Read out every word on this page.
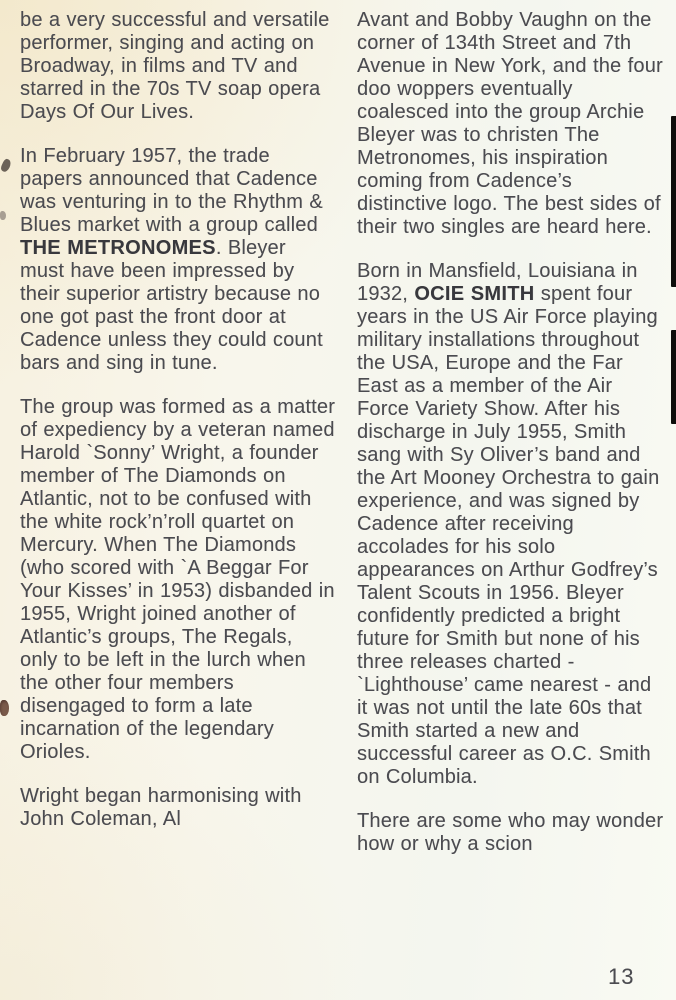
be a very successful and versatile performer, singing and acting on Broadway, in films and TV and starred in the 70s TV soap opera Days Of Our Lives.

In February 1957, the trade papers announced that Cadence was venturing in to the Rhythm & Blues market with a group called THE METRONOMES. Bleyer must have been impressed by their superior artistry because no one got past the front door at Cadence unless they could count bars and sing in tune.

The group was formed as a matter of expediency by a veteran named Harold `Sonny’ Wright, a founder member of The Diamonds on Atlantic, not to be confused with the white rock’n’roll quartet on Mercury. When The Diamonds (who scored with `A Beggar For Your Kisses’ in 1953) disbanded in 1955, Wright joined another of Atlantic’s groups, The Regals, only to be left in the lurch when the other four members disengaged to form a late incarnation of the legendary Orioles.

Wright began harmonising with John Coleman, Al

Avant and Bobby Vaughn on the corner of 134th Street and 7th Avenue in New York, and the four doo woppers eventually coalesced into the group Archie Bleyer was to christen The Metronomes, his inspiration coming from Cadence’s distinctive logo. The best sides of their two singles are heard here.

Born in Mansfield, Louisiana in 1932, OCIE SMITH spent four years in the US Air Force playing military installations throughout the USA, Europe and the Far East as a member of the Air Force Variety Show. After his discharge in July 1955, Smith sang with Sy Oliver’s band and the Art Mooney Orchestra to gain experience, and was signed by Cadence after receiving accolades for his solo appearances on Arthur Godfrey’s Talent Scouts in 1956. Bleyer confidently predicted a bright future for Smith but none of his three releases charted - `Lighthouse’ came nearest - and it was not until the late 60s that Smith started a new and successful career as O.C. Smith on Columbia.

There are some who may wonder how or why a scion

13
